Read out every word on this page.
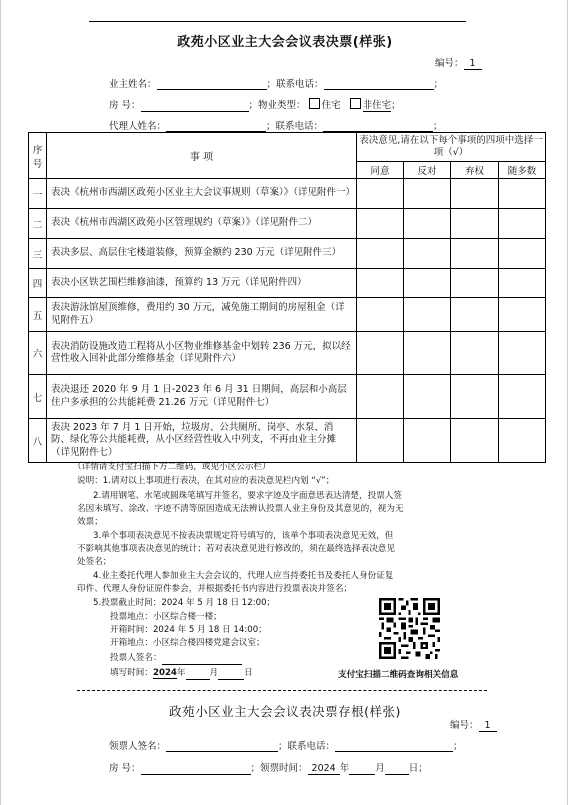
政苑小区业主大会会议表决票(样张)
编号： 1
业主姓名：	；联系电话：	；
房 号：	；物业类型： 住宅 非住宅；
代理人姓名：	；联系电话：	；
序号	事 项	表决意见,请在以下每个事项的四项中选择一项（√）			
		同意	反对	弃权	随多数
一	表决《杭州市西湖区政苑小区业主大会议事规则（草案）》（详见附件一）				
二	表决《杭州市西湖区政苑小区管理规约（草案）》（详见附件二）				
三	表决多层、高层住宅楼道装修，预算金额约 230 万元（详见附件三）				
四	表决小区铁艺围栏维修油漆，预算约 13 万元（详见附件四）				
五	表决游泳馆屋顶维修，费用约 30 万元，减免施工期间的房屋租金（详见附件五）				
六	表决消防设施改造工程将从小区物业维修基金中划转 236 万元，拟以经营性收入回补此部分维修基金（详见附件六）				
七	表决退还 2020 年 9 月 1 日-2023 年 6 月 31 日期间，高层和小高层住户多承担的公共能耗费 21.26 万元（详见附件七）				
八	表决 2023 年 7 月 1 日开始，垃圾房、公共厕所、岗亭、水泵、消防、绿化等公共能耗费，从小区经营性收入中列支，不再由业主分摊（详见附件七）				
（详情请支付宝扫描下方二维码，或见小区公示栏）
说明：1.请对以上事项进行表决，在其对应的表决意见栏内划 “√”；
2.请用钢笔、水笔或圆珠笔填写并签名，要求字迹及字面意思表达清楚，投票人签
名因未填写、涂改、字迹不清等原因造成无法辨认投票人业主身份及其意见的，视为无
效票；
3.单个事项表决意见不按表决票规定符号填写的，该单个事项表决意见无效，但
不影响其他事项表决意见的统计；若对表决意见进行修改的，须在最终选择表决意见
处签名；
4.业主委托代理人参加业主大会会议的，代理人应当持委托书及委托人身份证复
印件、代理人身份证原件参会，并根据委托书内容进行投票表决并签名；
5.投票截止时间：2024 年 5 月 18 日 12:00；
投票地点：小区综合楼一楼；
开箱时间：2024 年 5 月 18 日 14:00；
开箱地点：小区综合楼四楼党建会议室；
投票人签名：
填写时间：2024年	月	日	支付宝扫描二维码查询相关信息
政苑小区业主大会会议表决票存根(样张)
编号： 1
领票人签名：	；联系电话：	；
房 号：	；领票时间： 2024 年	月	日；
